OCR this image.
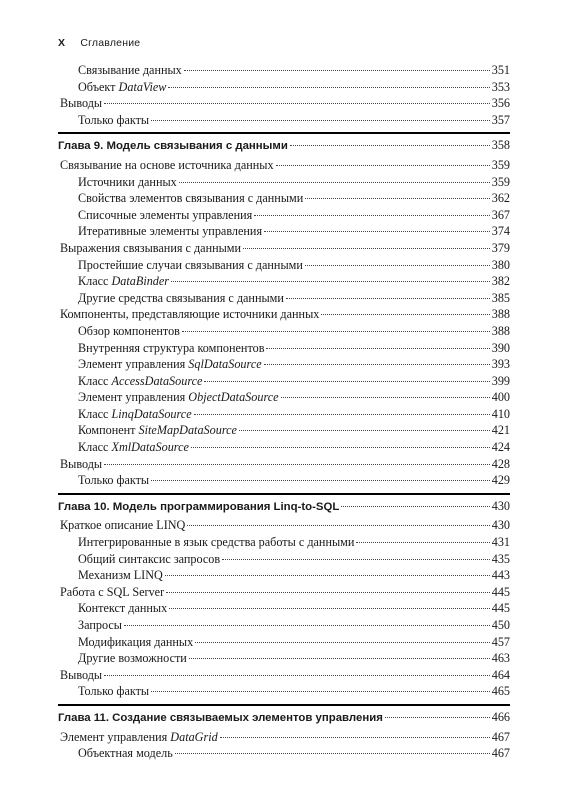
X Сглавление
Связывание данных	351
Объект DataView	353
Выводы	356
Только факты	357
Глава 9. Модель связывания с данными	358
Связывание на основе источника данных	359
Источники данных	359
Свойства элементов связывания с данными	362
Списочные элементы управления	367
Итеративные элементы управления	374
Выражения связывания с данными	379
Простейшие случаи связывания с данными	380
Класс DataBinder	382
Другие средства связывания с данными	385
Компоненты, представляющие источники данных	388
Обзор компонентов	388
Внутренняя структура компонентов	390
Элемент управления SqlDataSource	393
Класс AccessDataSource	399
Элемент управления ObjectDataSource	400
Класс LinqDataSource	410
Компонент SiteMapDataSource	421
Класс XmlDataSource	424
Выводы	428
Только факты	429
Глава 10. Модель программирования Linq-to-SQL	430
Краткое описание LINQ	430
Интегрированные в язык средства работы с данными	431
Общий синтаксис запросов	435
Механизм LINQ	443
Работа с SQL Server	445
Контекст данных	445
Запросы	450
Модификация данных	457
Другие возможности	463
Выводы	464
Только факты	465
Глава 11. Создание связываемых элементов управления	466
Элемент управления DataGrid	467
Объектная модель	467
